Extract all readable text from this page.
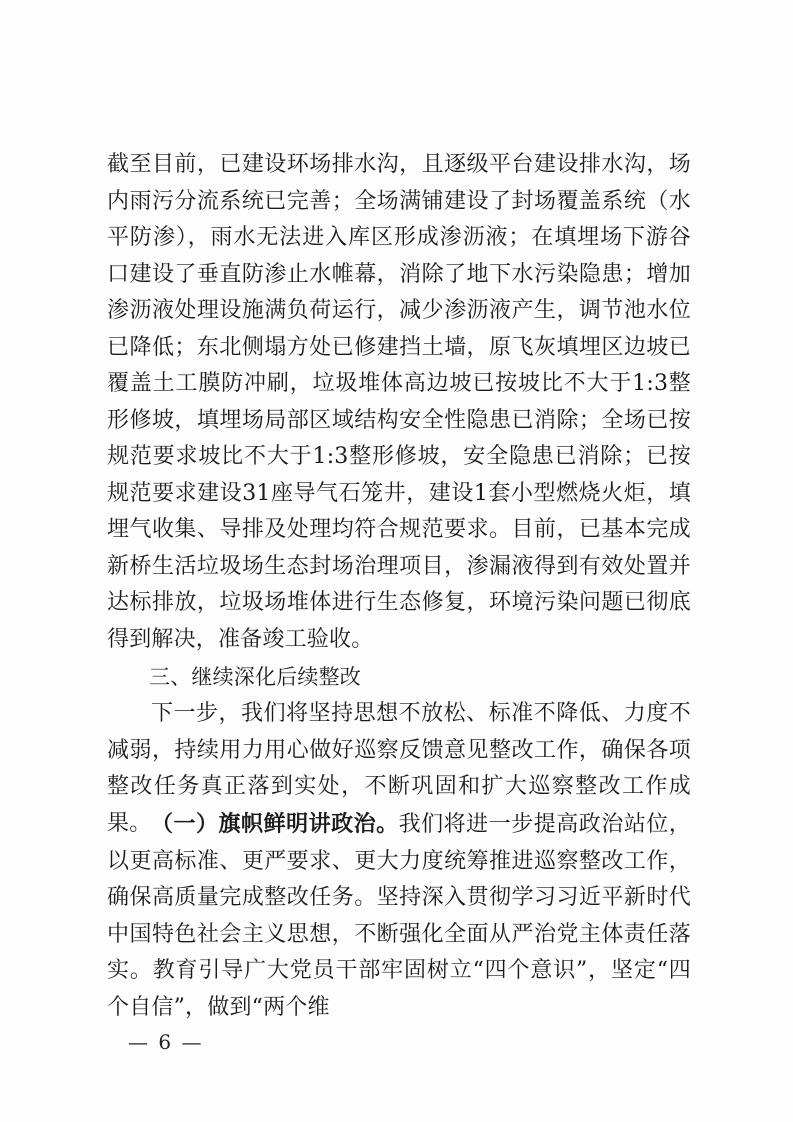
截至目前，已建设环场排水沟，且逐级平台建设排水沟，场内雨污分流系统已完善；全场满铺建设了封场覆盖系统（水平防渗），雨水无法进入库区形成渗沥液；在填埋场下游谷口建设了垂直防渗止水帷幕，消除了地下水污染隐患；增加渗沥液处理设施满负荷运行，减少渗沥液产生，调节池水位已降低；东北侧塌方处已修建挡土墙，原飞灰填埋区边坡已覆盖土工膜防冲刷，垃圾堆体高边坡已按坡比不大于1:3整形修坡，填埋场局部区域结构安全性隐患已消除；全场已按规范要求坡比不大于1:3整形修坡，安全隐患已消除；已按规范要求建设31座导气石笼井，建设1套小型燃烧火炬，填埋气收集、导排及处理均符合规范要求。目前，已基本完成新桥生活垃圾场生态封场治理项目，渗漏液得到有效处置并达标排放，垃圾场堆体进行生态修复，环境污染问题已彻底得到解决，准备竣工验收。

三、继续深化后续整改

下一步，我们将坚持思想不放松、标准不降低、力度不减弱，持续用力用心做好巡察反馈意见整改工作，确保各项整改任务真正落到实处，不断巩固和扩大巡察整改工作成果。 （一）旗帜鲜明讲政治。我们将进一步提高政治站位，以更高标准、更严要求、更大力度统筹推进巡察整改工作，确保高质量完成整改任务。坚持深入贯彻学习习近平新时代中国特色社会主义思想，不断强化全面从严治党主体责任落实。教育引导广大党员干部牢固树立“四个意识”，坚定“四个自信”，做到“两个维

— 6 —
